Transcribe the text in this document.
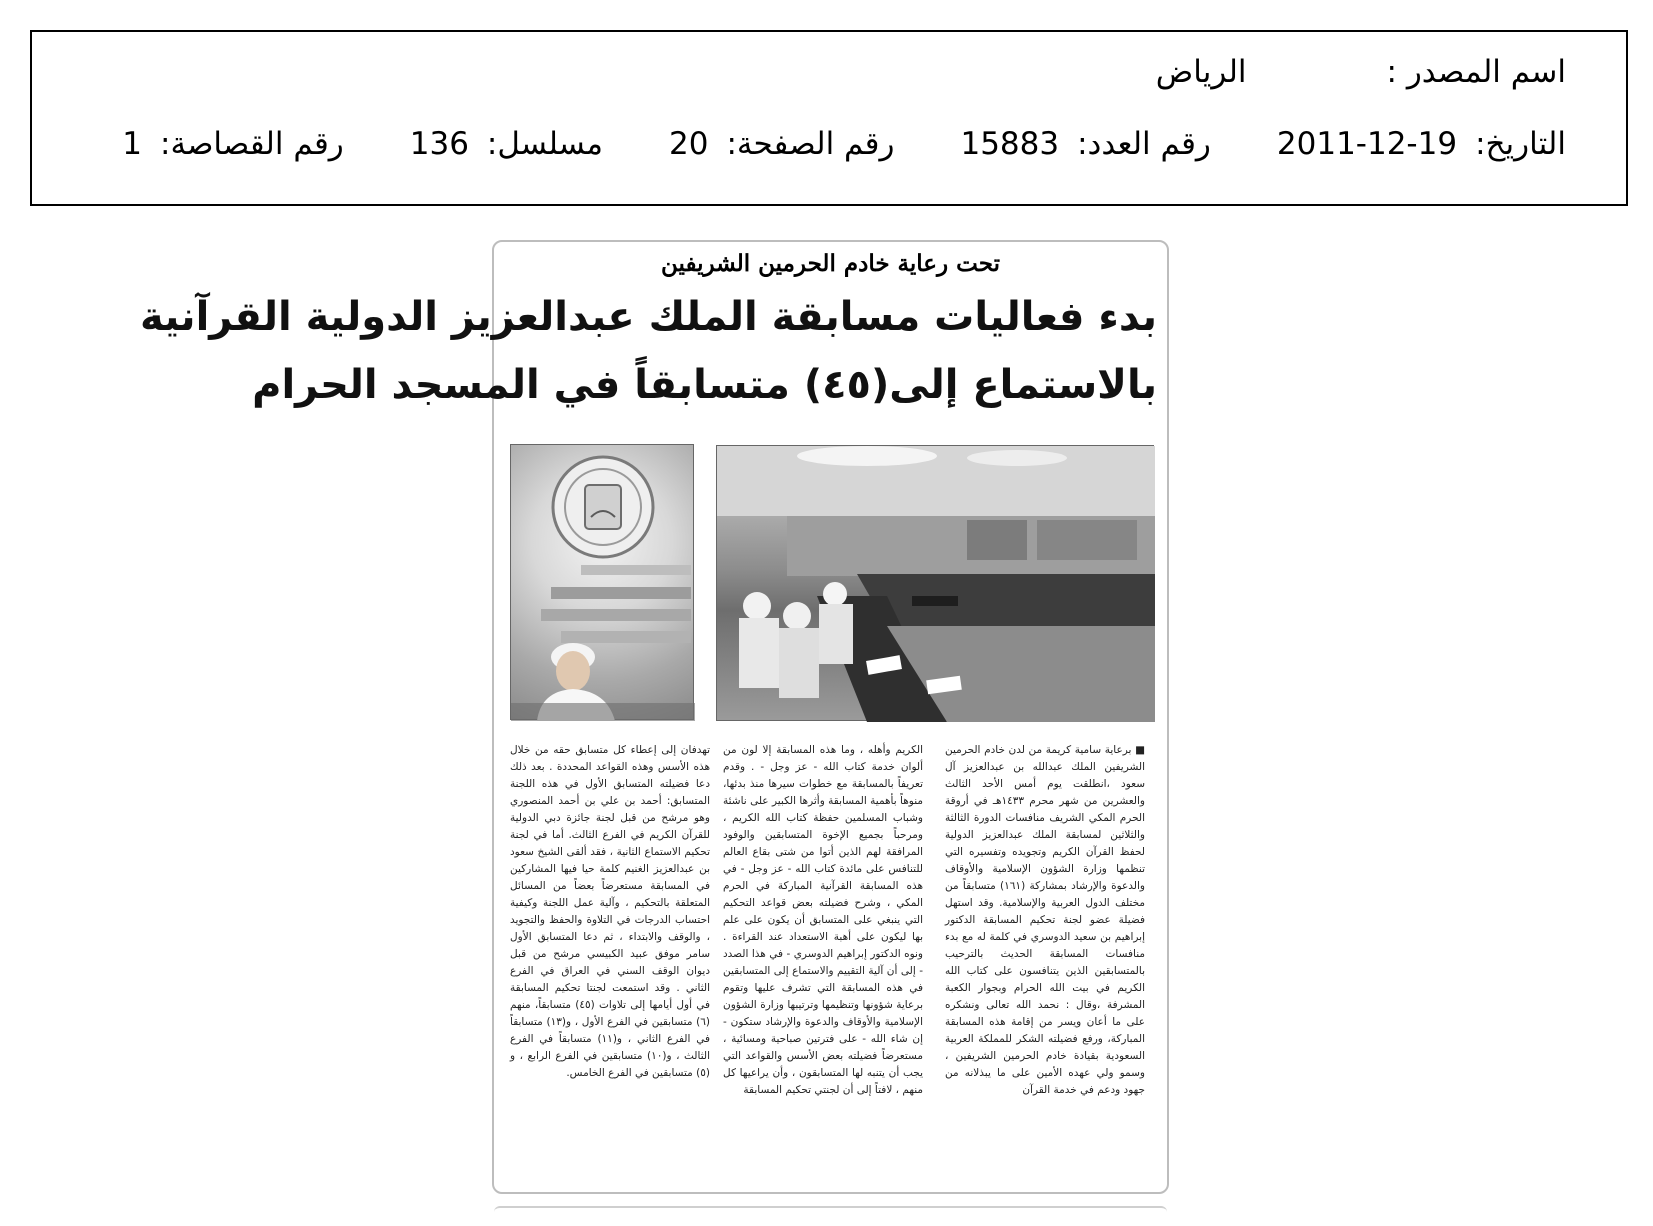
اسم المصدر :الرياض
التاريخ:2011-12-19رقم العدد:15883رقم الصفحة:20مسلسل:136رقم القصاصة:1
تحت رعاية خادم الحرمين الشريفين
بدء فعاليات مسابقة الملك عبدالعزيز الدولية القرآنية
بالاستماع إلى(٤٥) متسابقاً في المسجد الحرام

■ برعاية سامية كريمة من لدن خادم الحرمين الشريفين الملك عبدالله بن عبدالعزيز آل سعود ،انطلقت يوم أمس الأحد الثالث والعشرين من شهر محرم ١٤٣٣هـ في أروقة الحرم المكي الشريف منافسات الدورة الثالثة والثلاثين لمسابقة الملك عبدالعزيز الدولية لحفظ القرآن الكريم وتجويده وتفسيره التي تنظمها وزارة الشؤون الإسلامية والأوقاف والدعوة والإرشاد بمشاركة (١٦١) متسابقاً من مختلف الدول العربية والإسلامية. وقد استهل فضيلة عضو لجنة تحكيم المسابقة الدكتور إبراهيم بن سعيد الدوسري في كلمة له مع بدء منافسات المسابقة الحديث بالترحيب بالمتسابقين الذين يتنافسون على كتاب الله الكريم في بيت الله الحرام وبجوار الكعبة المشرفة ،وقال : نحمد الله تعالى ونشكره على ما أعان ويسر من إقامة هذه المسابقة المباركة، ورفع فضيلته الشكر للمملكة العربية السعودية بقيادة خادم الحرمين الشريفين ، وسمو ولي عهده الأمين على ما يبذلانه من جهود ودعم في خدمة القرآن

الكريم وأهله ، وما هذه المسابقة إلا لون من ألوان خدمة كتاب الله - عز وجل - . وقدم تعريفاً بالمسابقة مع خطوات سيرها منذ بدئها، منوهاً بأهمية المسابقة وأثرها الكبير على ناشئة وشباب المسلمين حفظة كتاب الله الكريم ، ومرحباً بجميع الإخوة المتسابقين والوفود المرافقة لهم الذين أتوا من شتى بقاع العالم للتنافس على مائدة كتاب الله - عز وجل - في هذه المسابقة القرآنية المباركة في الحرم المكي ، وشرح فضيلته بعض قواعد التحكيم التي ينبغي على المتسابق أن يكون على علم بها ليكون على أهبة الاستعداد عند القراءة . ونوه الدكتور إبراهيم الدوسري - في هذا الصدد - إلى أن آلية التقييم والاستماع إلى المتسابقين في هذه المسابقة التي تشرف عليها وتقوم برعاية شؤونها وتنظيمها وترتيبها وزارة الشؤون الإسلامية والأوقاف والدعوة والإرشاد ستكون - إن شاء الله - على فترتين صباحية ومسائية ، مستعرضاً فضيلته بعض الأسس والقواعد التي يجب أن يتنبه لها المتسابقون ، وأن يراعيها كل منهم ، لافتاً إلى أن لجنتي تحكيم المسابقة

تهدفان إلى إعطاء كل متسابق حقه من خلال هذه الأسس وهذه القواعد المحددة . بعد ذلك دعا فضيلته المتسابق الأول في هذه اللجنة المتسابق: أحمد بن علي بن أحمد المنصوري وهو مرشح من قبل لجنة جائزة دبي الدولية للقرآن الكريم في الفرع الثالث. أما في لجنة تحكيم الاستماع الثانية ، فقد ألقى الشيخ سعود بن عبدالعزيز الغنيم كلمة حيا فيها المشاركين في المسابقة مستعرضاً بعضاً من المسائل المتعلقة بالتحكيم ، وآلية عمل اللجنة وكيفية احتساب الدرجات في التلاوة والحفظ والتجويد ، والوقف والابتداء ، ثم دعا المتسابق الأول سامر موفق عبيد الكبيسي مرشح من قبل ديوان الوقف السني في العراق في الفرع الثاني . وقد استمعت لجنتا تحكيم المسابقة في أول أيامها إلى تلاوات (٤٥) متسابقاً، منهم (٦) متسابقين في الفرع الأول ، و(١٣) متسابقاً في الفرع الثاني ، و(١١) متسابقاً في الفرع الثالث ، و(١٠) متسابقين في الفرع الرابع ، و (٥) متسابقين في الفرع الخامس.
